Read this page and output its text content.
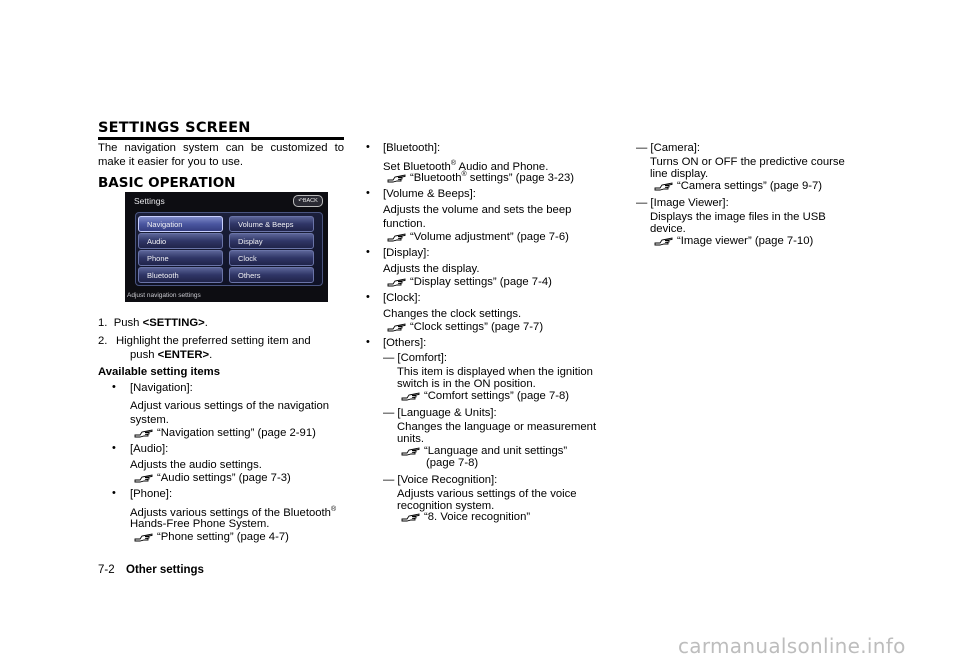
SETTINGS SCREEN
The navigation system can be customized to make it easier for you to use.
BASIC OPERATION
Settings	↶BACK
Navigation
Audio
Phone
Bluetooth
Volume & Beeps
Display
Clock
Others
Adjust navigation settings
1. Push <SETTING>.
2. Highlight the preferred setting item and
push <ENTER>.
Available setting items
• [Navigation]:
Adjust various settings of the navigation
system.
“Navigation setting” (page 2-91)
• [Audio]:
Adjusts the audio settings.
“Audio settings” (page 7-3)
• [Phone]:
Adjusts various settings of the Bluetooth®
Hands-Free Phone System.
“Phone setting” (page 4-7)
• [Bluetooth]:
Set Bluetooth® Audio and Phone.
“Bluetooth® settings” (page 3-23)
• [Volume & Beeps]:
Adjusts the volume and sets the beep
function.
“Volume adjustment” (page 7-6)
• [Display]:
Adjusts the display.
“Display settings” (page 7-4)
• [Clock]:
Changes the clock settings.
“Clock settings” (page 7-7)
• [Others]:
— [Comfort]:
This item is displayed when the ignition
switch is in the ON position.
“Comfort settings” (page 7-8)
— [Language & Units]:
Changes the language or measurement
units.
“Language and unit settings”
(page 7-8)
— [Voice Recognition]:
Adjusts various settings of the voice
recognition system.
“8. Voice recognition”
— [Camera]:
Turns ON or OFF the predictive course
line display.
“Camera settings” (page 9-7)
— [Image Viewer]:
Displays the image files in the USB
device.
“Image viewer” (page 7-10)
7-2 Other settings
carmanualsonline.info
